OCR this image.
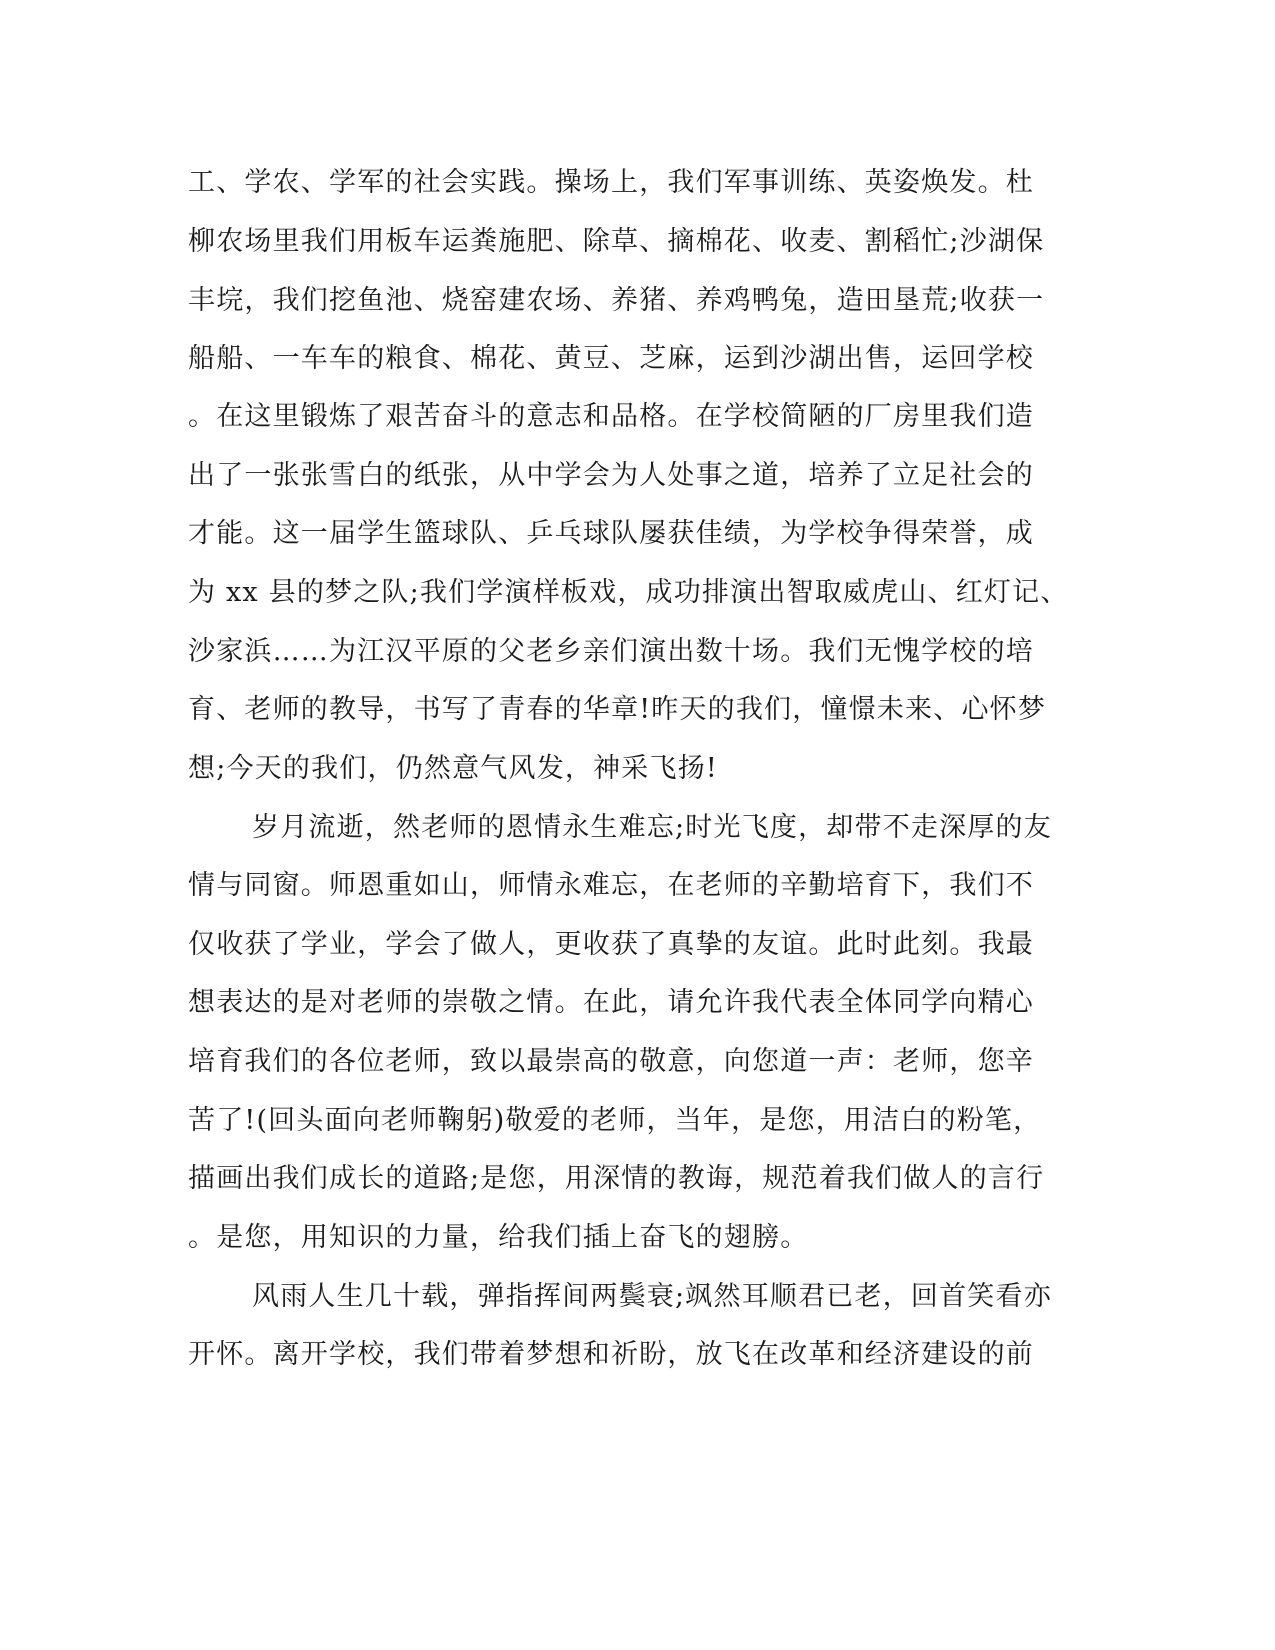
工、学农、学军的社会实践。操场上，我们军事训练、英姿焕发。杜
柳农场里我们用板车运粪施肥、除草、摘棉花、收麦、割稻忙;沙湖保
丰垸，我们挖鱼池、烧窑建农场、养猪、养鸡鸭兔，造田垦荒;收获一
船船、一车车的粮食、棉花、黄豆、芝麻，运到沙湖出售，运回学校
。在这里锻炼了艰苦奋斗的意志和品格。在学校简陋的厂房里我们造
出了一张张雪白的纸张，从中学会为人处事之道，培养了立足社会的
才能。这一届学生篮球队、乒乓球队屡获佳绩，为学校争得荣誉，成
为 xx 县的梦之队;我们学演样板戏，成功排演出智取威虎山、红灯记、
沙家浜……为江汉平原的父老乡亲们演出数十场。我们无愧学校的培
育、老师的教导，书写了青春的华章!昨天的我们，憧憬未来、心怀梦
想;今天的我们，仍然意气风发，神采飞扬!
岁月流逝，然老师的恩情永生难忘;时光飞度，却带不走深厚的友
情与同窗。师恩重如山，师情永难忘，在老师的辛勤培育下，我们不
仅收获了学业，学会了做人，更收获了真挚的友谊。此时此刻。我最
想表达的是对老师的崇敬之情。在此，请允许我代表全体同学向精心
培育我们的各位老师，致以最崇高的敬意，向您道一声：老师，您辛
苦了!(回头面向老师鞠躬)敬爱的老师，当年，是您，用洁白的粉笔，
描画出我们成长的道路;是您，用深情的教诲，规范着我们做人的言行
。是您，用知识的力量，给我们插上奋飞的翅膀。
风雨人生几十载，弹指挥间两鬓衰;飒然耳顺君已老，回首笑看亦
开怀。离开学校，我们带着梦想和祈盼，放飞在改革和经济建设的前
